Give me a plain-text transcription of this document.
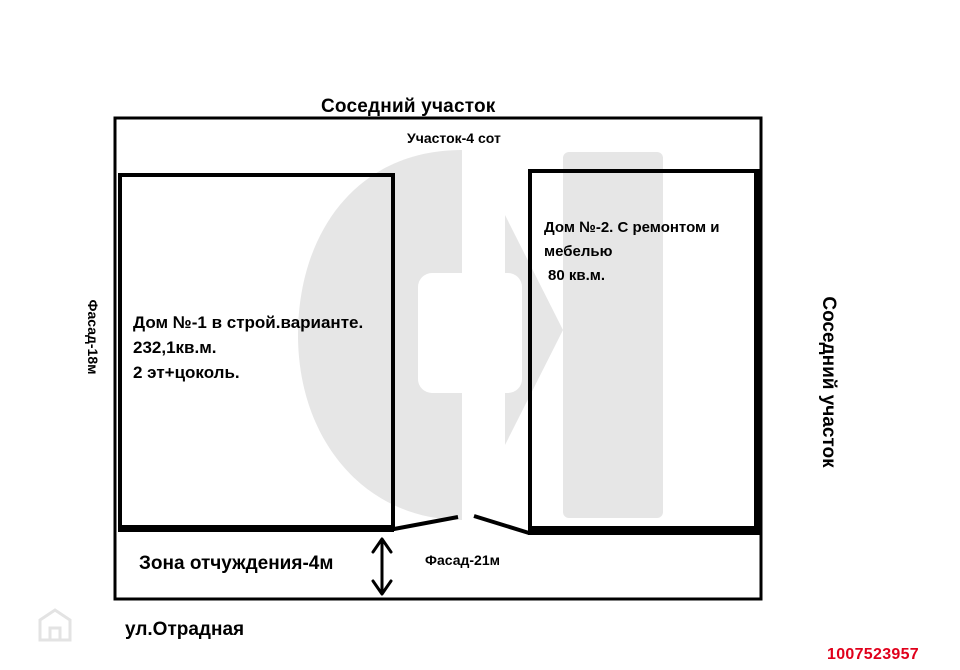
Соседний участок
Участок-4 сот
Дом №-1 в строй.варианте.
232,1кв.м.
2 эт+цоколь.
Дом №-2. С ремонтом и
мебелью
80 кв.м.
Фасад-18м	Соседний участок
Зона отчуждения-4м	Фасад-21м
ул.Отрадная
1007523957
